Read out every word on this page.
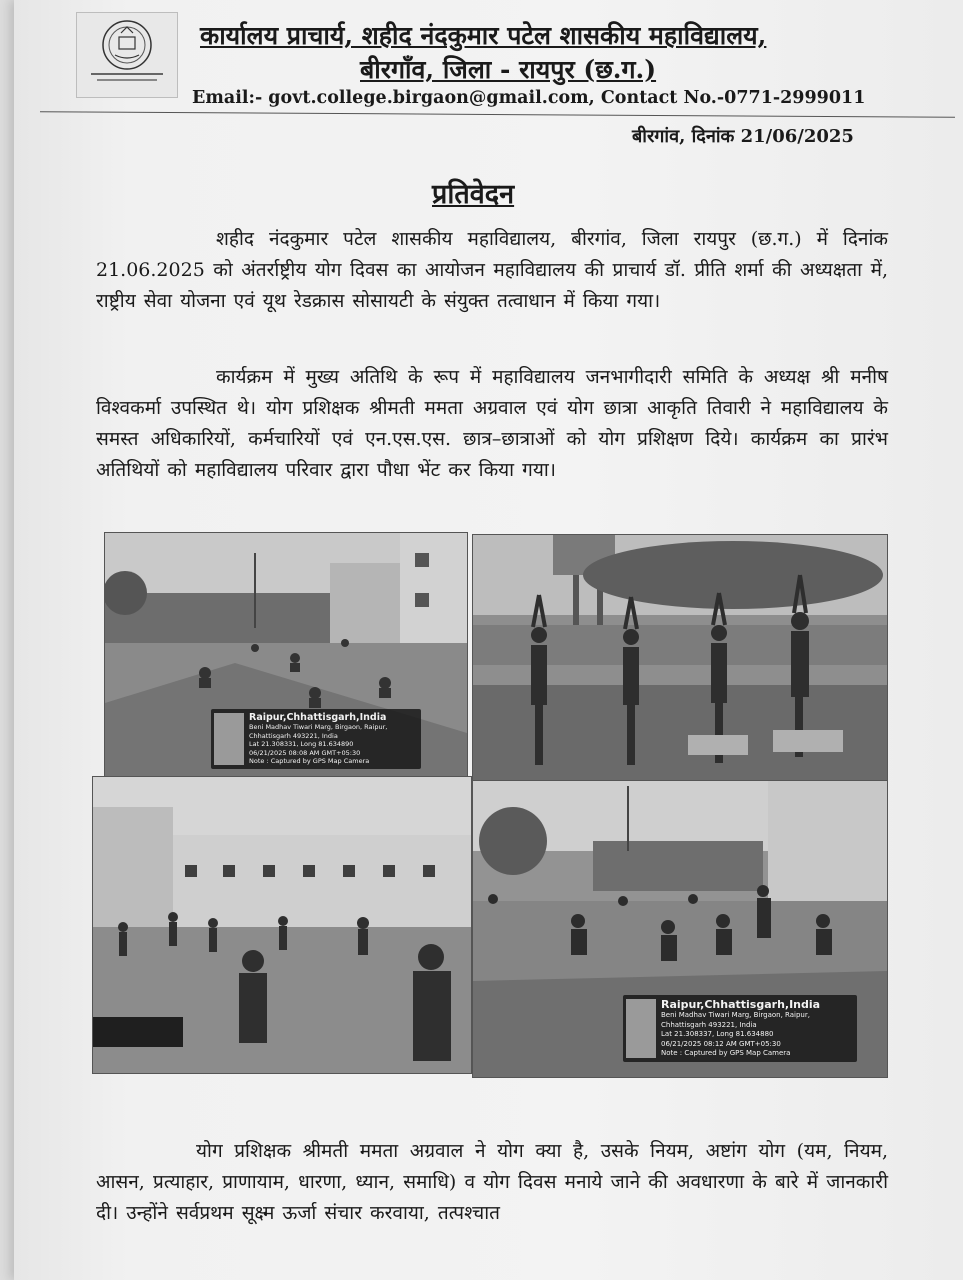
कार्यालय प्राचार्य, शहीद नंदकुमार पटेल शासकीय महाविद्यालय,
बीरगाँव, जिला - रायपुर (छ.ग.)
Email:- govt.college.birgaon@gmail.com, Contact No.-0771-2999011
बीरगांव, दिनांक 21/06/2025
प्रतिवेदन
शहीद नंदकुमार पटेल शासकीय महाविद्यालय, बीरगांव, जिला रायपुर (छ.ग.) में दिनांक 21.06.2025 को अंतर्राष्ट्रीय योग दिवस का आयोजन महाविद्यालय की प्राचार्य डॉ. प्रीति शर्मा की अध्यक्षता में, राष्ट्रीय सेवा योजना एवं यूथ रेडक्रास सोसायटी के संयुक्त तत्वाधान में किया गया।
कार्यक्रम में मुख्य अतिथि के रूप में महाविद्यालय जनभागीदारी समिति के अध्यक्ष श्री मनीष विश्वकर्मा उपस्थित थे। योग प्रशिक्षक श्रीमती ममता अग्रवाल एवं योग छात्रा आकृति तिवारी ने महाविद्यालय के समस्त अधिकारियों, कर्मचारियों एवं एन.एस.एस. छात्र–छात्राओं को योग प्रशिक्षण दिये। कार्यक्रम का प्रारंभ अतिथियों को महाविद्यालय परिवार द्वारा पौधा भेंट कर किया गया।
Raipur,Chhattisgarh,India
Beni Madhav Tiwari Marg, Birgaon, Raipur,
Chhattisgarh 493221, India
Lat 21.308331, Long 81.634890
06/21/2025 08:08 AM GMT+05:30
Note : Captured by GPS Map Camera
Raipur,Chhattisgarh,India
Beni Madhav Tiwari Marg, Birgaon, Raipur,
Chhattisgarh 493221, India
Lat 21.308337, Long 81.634880
06/21/2025 08:12 AM GMT+05:30
Note : Captured by GPS Map Camera
योग प्रशिक्षक श्रीमती ममता अग्रवाल ने योग क्या है, उसके नियम, अष्टांग योग (यम, नियम, आसन, प्रत्याहार, प्राणायाम, धारणा, ध्यान, समाधि) व योग दिवस मनाये जाने की अवधारणा के बारे में जानकारी दी। उन्होंने सर्वप्रथम सूक्ष्म ऊर्जा संचार करवाया, तत्पश्चात
